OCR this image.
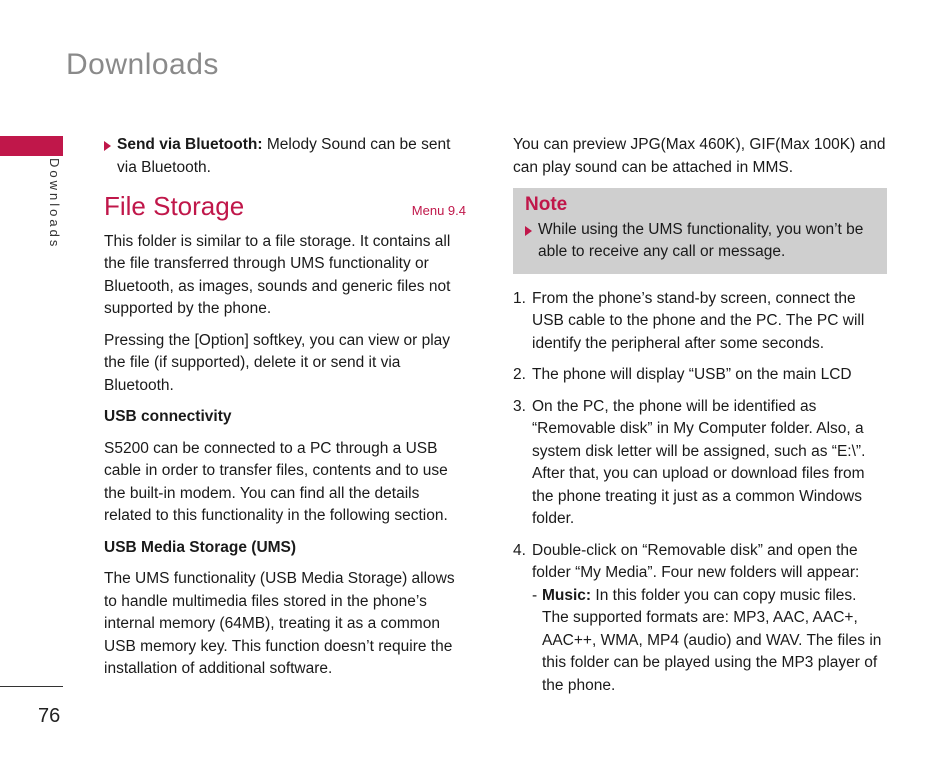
Downloads
Downloads
76

Send via Bluetooth: Melody Sound can be sent via Bluetooth.

File Storage	Menu 9.4

This folder is similar to a file storage. It contains all the file transferred through UMS functionality or Bluetooth, as images, sounds and generic files not supported by the phone.

Pressing the [Option] softkey, you can view or play the file (if supported), delete it or send it via Bluetooth.

USB connectivity

S5200 can be connected to a PC through a USB cable in order to transfer files, contents and to use the built-in modem. You can find all the details related to this functionality in the following section.

USB Media Storage (UMS)

The UMS functionality (USB Media Storage) allows to handle multimedia files stored in the phone’s internal memory (64MB), treating it as a common USB memory key. This function doesn’t require the installation of additional software.

You can preview JPG(Max 460K), GIF(Max 100K) and can play sound can be attached in MMS.

Note
While using the UMS functionality, you won’t be able to receive any call or message.
1. From the phone’s stand-by screen, connect the USB cable to the phone and the PC. The PC will identify the peripheral after some seconds.
2. The phone will display “USB” on the main LCD
3. On the PC, the phone will be identified as “Removable disk” in My Computer folder. Also, a system disk letter will be assigned, such as “E:\”. After that, you can upload or download files from the phone treating it just as a common Windows folder.
4. Double-click on “Removable disk” and open the folder “My Media”. Four new folders will appear:
- Music: In this folder you can copy music files. The supported formats are: MP3, AAC, AAC+, AAC++, WMA, MP4 (audio) and WAV. The files in this folder can be played using the MP3 player of the phone.
